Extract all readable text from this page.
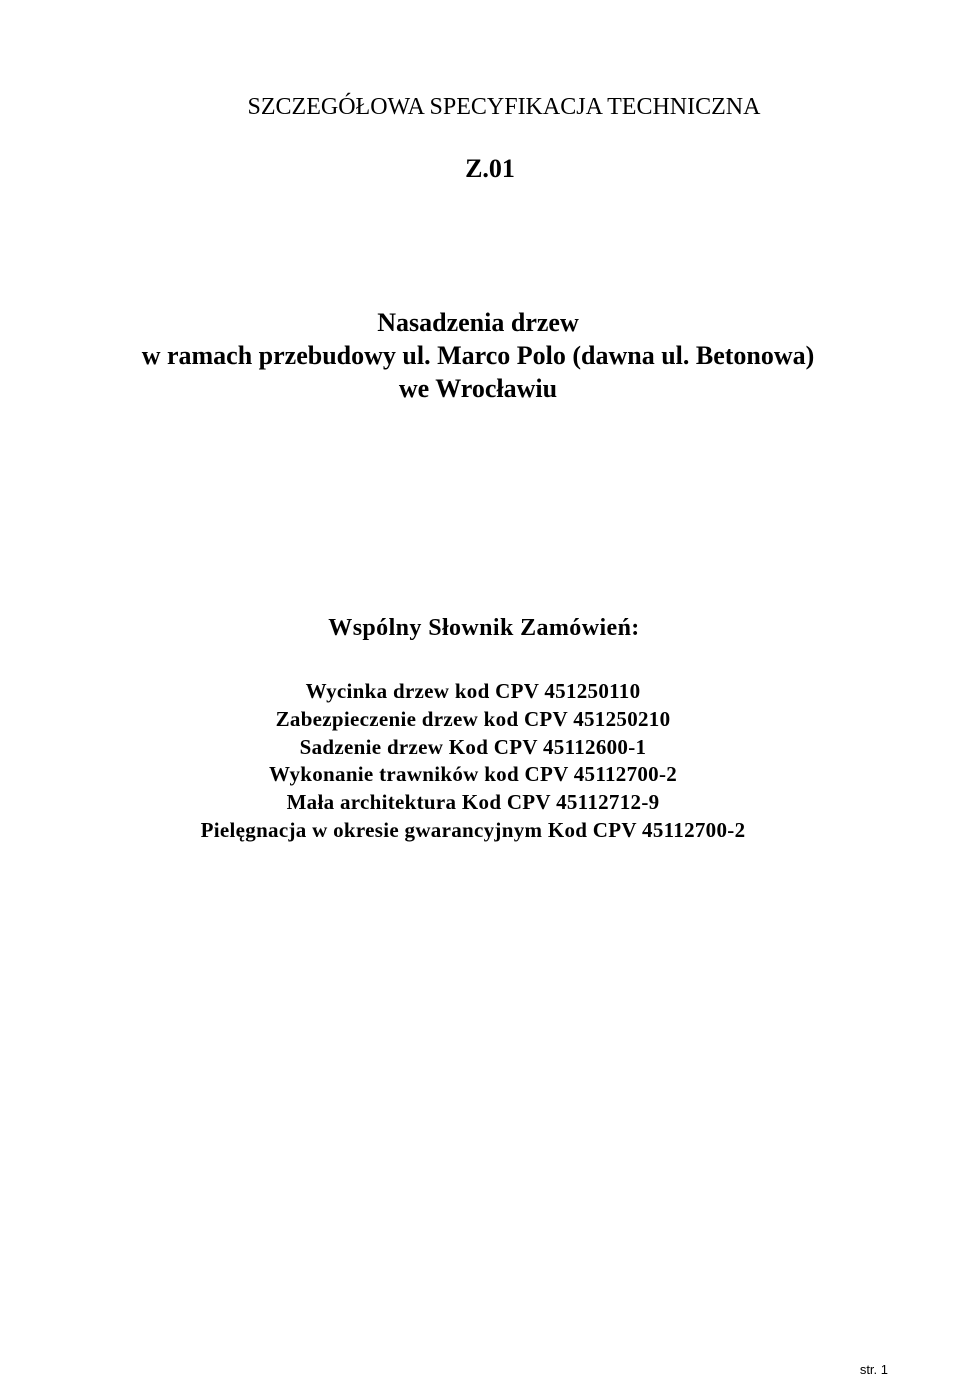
SZCZEGÓŁOWA SPECYFIKACJA TECHNICZNA

Z.01

Nasadzenia drzew
w ramach przebudowy ul. Marco Polo (dawna ul. Betonowa)
we Wrocławiu

Wspólny Słownik Zamówień:

Wycinka drzew kod CPV 451250110
Zabezpieczenie drzew kod CPV 451250210
Sadzenie drzew Kod CPV 45112600-1
Wykonanie trawników kod CPV 45112700-2
Mała architektura Kod CPV 45112712-9
Pielęgnacja w okresie gwarancyjnym Kod CPV 45112700-2

str. 1
